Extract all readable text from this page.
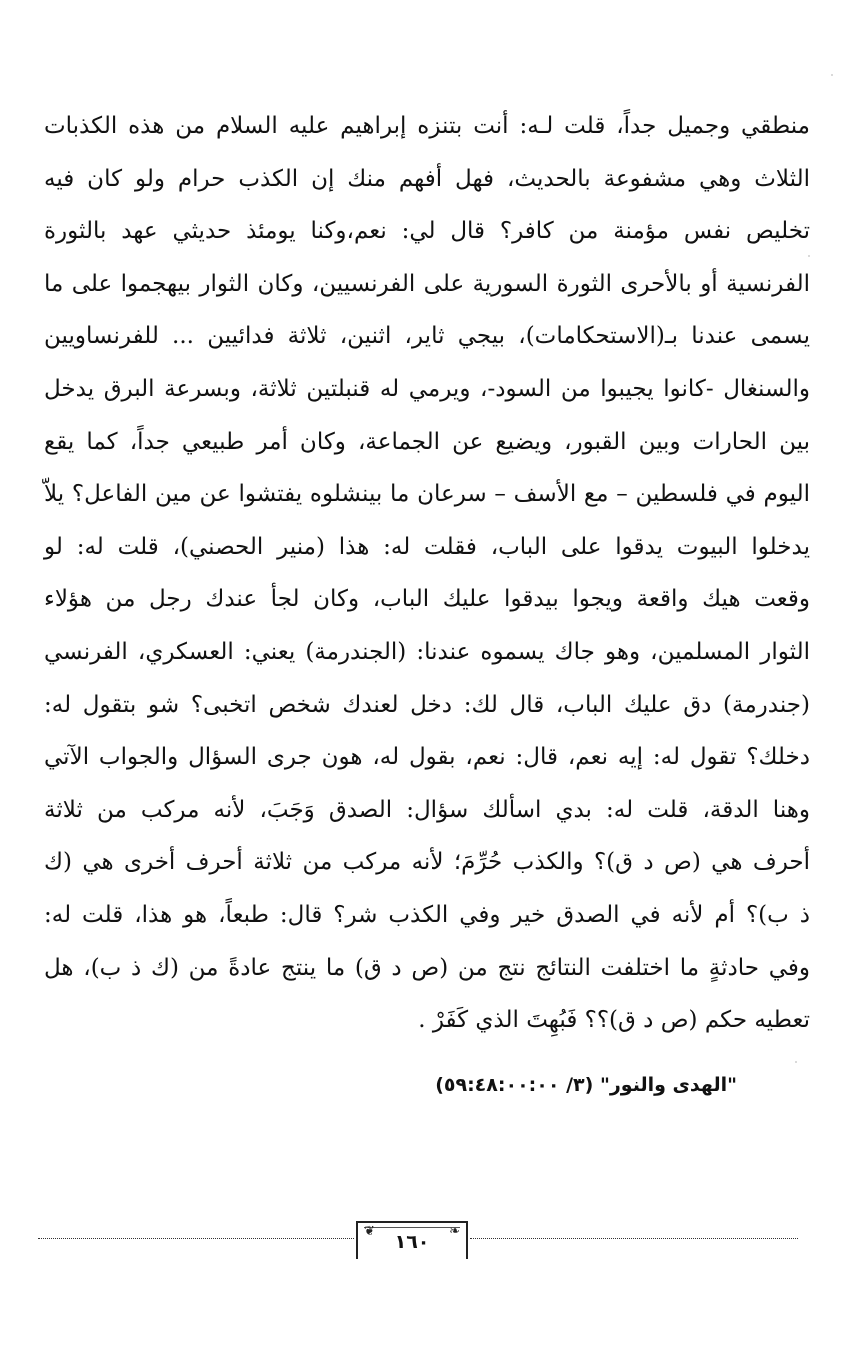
منطقي وجميل جداً، قلت لـه: أنت بتنزه إبراهيم عليه السلام من هذه الكذبات
الثلاث وهي مشفوعة بالحديث، فهل أفهم منك إن الكذب حرام ولو كان فيه
تخليص نفس مؤمنة من كافر؟ قال لي: نعم،وكنا يومئذ حديثي عهد بالثورة
الفرنسية أو بالأحرى الثورة السورية على الفرنسيين، وكان الثوار بيهجموا على ما
يسمى عندنا بـ(الاستحكامات)، بيجي ثاير، اثنين، ثلاثة فدائيين ... للفرنساويين
والسنغال -كانوا يجيبوا من السود-، ويرمي له قنبلتين ثلاثة، وبسرعة البرق يدخل
بين الحارات وبين القبور، ويضيع عن الجماعة، وكان أمر طبيعي جداً، كما يقع
اليوم في فلسطين – مع الأسف – سرعان ما بينشلوه يفتشوا عن مين الفاعل؟ يلاّ
يدخلوا البيوت يدقوا على الباب، فقلت له: هذا (منير الحصني)، قلت له: لو
وقعت هيك واقعة ويجوا بيدقوا عليك الباب، وكان لجأ عندك رجل من هؤلاء
الثوار المسلمين، وهو جاك يسموه عندنا: (الجندرمة) يعني: العسكري، الفرنسي
(جندرمة) دق عليك الباب، قال لك: دخل لعندك شخص اتخبى؟ شو بتقول له:
دخلك؟ تقول له: إيه نعم، قال: نعم، بقول له، هون جرى السؤال والجواب الآتي
وهنا الدقة، قلت له: بدي اسألك سؤال: الصدق وَجَبَ، لأنه مركب من ثلاثة
أحرف هي (ص د ق)؟ والكذب حُرِّمَ؛ لأنه مركب من ثلاثة أحرف أخرى هي (ك
ذ ب)؟ أم لأنه في الصدق خير وفي الكذب شر؟ قال: طبعاً، هو هذا، قلت له:
وفي حادثةٍ ما اختلفت النتائج نتج من (ص د ق) ما ينتج عادةً من (ك ذ ب)، هل
تعطيه حكم (ص د ق)؟؟ فَبُهِتَ الذي كَفَرْ .
"الهدى والنور" (٣/ ٥٩:٤٨:٠٠:٠٠)
❦	❧
١٦٠
